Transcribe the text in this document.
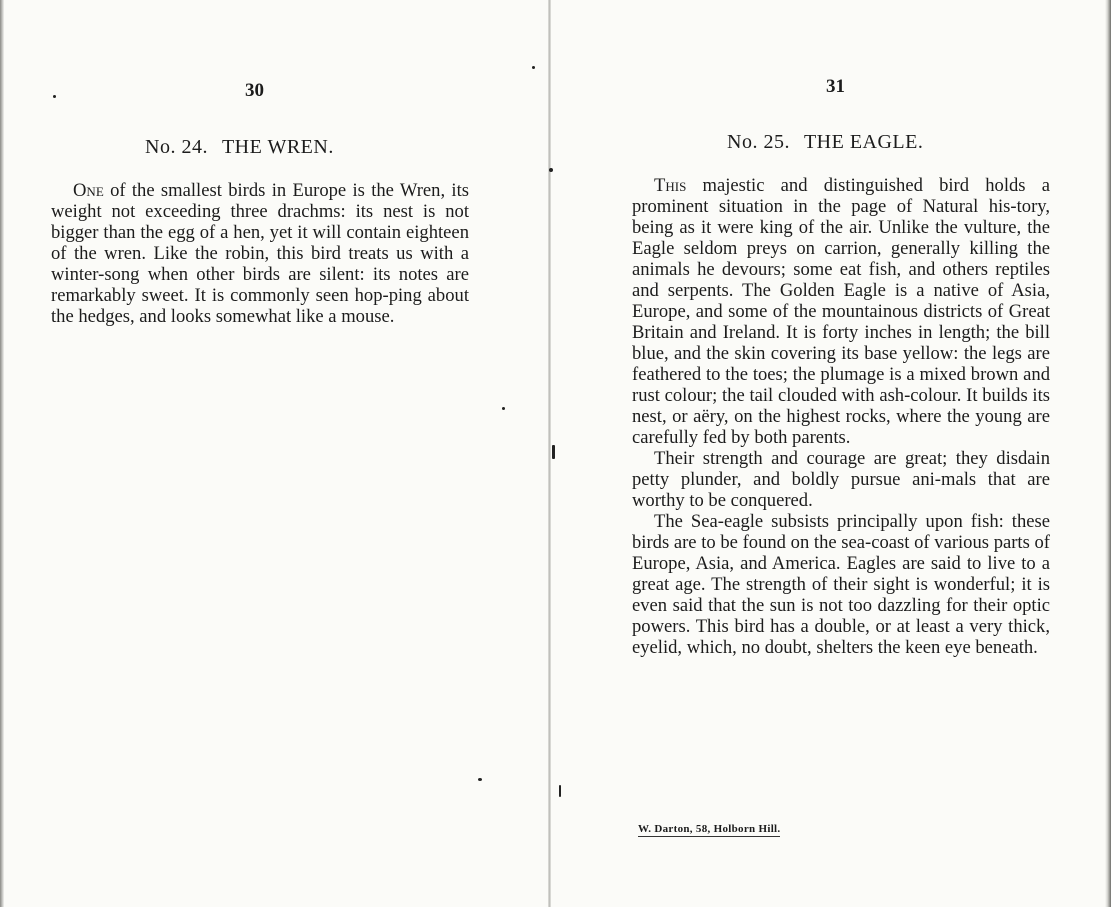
30
No. 24. THE WREN.

One of the smallest birds in Europe is the Wren, its weight not exceeding three drachms: its nest is not bigger than the egg of a hen, yet it will contain eighteen of the wren. Like the robin, this bird treats us with a winter-song when other birds are silent: its notes are remarkably sweet. It is commonly seen hop-ping about the hedges, and looks somewhat like a mouse.

31
No. 25. THE EAGLE.

This majestic and distinguished bird holds a prominent situation in the page of Natural his-tory, being as it were king of the air. Unlike the vulture, the Eagle seldom preys on carrion, generally killing the animals he devours; some eat fish, and others reptiles and serpents. The Golden Eagle is a native of Asia, Europe, and some of the mountainous districts of Great Britain and Ireland. It is forty inches in length; the bill blue, and the skin covering its base yellow: the legs are feathered to the toes; the plumage is a mixed brown and rust colour; the tail clouded with ash-colour. It builds its nest, or aëry, on the highest rocks, where the young are carefully fed by both parents.

Their strength and courage are great; they disdain petty plunder, and boldly pursue ani-mals that are worthy to be conquered.

The Sea-eagle subsists principally upon fish: these birds are to be found on the sea-coast of various parts of Europe, Asia, and America. Eagles are said to live to a great age. The strength of their sight is wonderful; it is even said that the sun is not too dazzling for their optic powers. This bird has a double, or at least a very thick, eyelid, which, no doubt, shelters the keen eye beneath.

W. Darton, 58, Holborn Hill.
